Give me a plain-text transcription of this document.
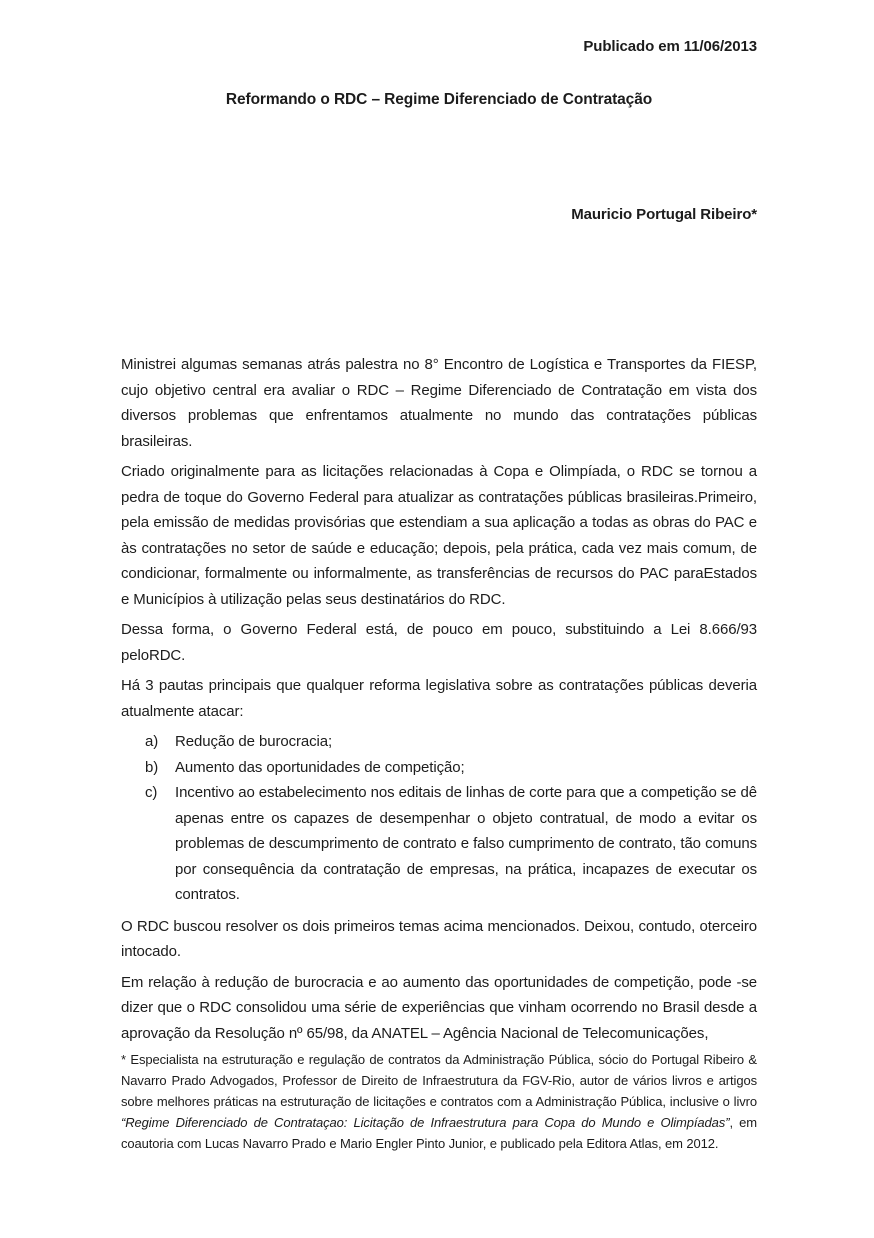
Publicado em 11/06/2013
Reformando o RDC – Regime Diferenciado de Contratação
Mauricio Portugal Ribeiro*

Ministrei algumas semanas atrás palestra no 8° Encontro de Logística e Transportes da FIESP, cujo objetivo central era avaliar o RDC – Regime Diferenciado de Contratação em vista dos diversos problemas que enfrentamos atualmente no mundo das contratações públicas brasileiras.

Criado originalmente para as licitações relacionadas à Copa e Olimpíada, o RDC se tornou a pedra de toque do Governo Federal para atualizar as contratações públicas brasileiras.Primeiro, pela emissão de medidas provisórias que estendiam a sua aplicação a todas as obras do PAC e às contratações no setor de saúde e educação; depois, pela prática, cada vez mais comum, de condicionar, formalmente ou informalmente, as transferências de recursos do PAC paraEstados e Municípios à utilização pelas seus destinatários do RDC.

Dessa forma, o Governo Federal está, de pouco em pouco, substituindo a Lei 8.666/93 peloRDC.

Há 3 pautas principais que qualquer reforma legislativa sobre as contratações públicas deveria atualmente atacar:

a)	Redução de burocracia;
b)	Aumento das oportunidades de competição;
c)	Incentivo ao estabelecimento nos editais de linhas de corte para que a competição se dê apenas entre os capazes de desempenhar o objeto contratual, de modo a evitar os problemas de descumprimento de contrato e falso cumprimento de contrato, tão comuns por consequência da contratação de empresas, na prática, incapazes de executar os contratos.

O RDC buscou resolver os dois primeiros temas acima mencionados. Deixou, contudo, oterceiro intocado.

Em relação à redução de burocracia e ao aumento das oportunidades de competição, pode -se dizer que o RDC consolidou uma série de experiências que vinham ocorrendo no Brasil desde a aprovação da Resolução nº 65/98, da ANATEL – Agência Nacional de Telecomunicações,

* Especialista na estruturação e regulação de contratos da Administração Pública, sócio do Portugal Ribeiro & Navarro Prado Advogados, Professor de Direito de Infraestrutura da FGV-Rio, autor de vários livros e artigos sobre melhores práticas na estruturação de licitações e contratos com a Administração Pública, inclusive o livro “Regime Diferenciado de Contrataçao: Licitação de Infraestrutura para Copa do Mundo e Olimpíadas”, em coautoria com Lucas Navarro Prado e Mario Engler Pinto Junior, e publicado pela Editora Atlas, em 2012.
